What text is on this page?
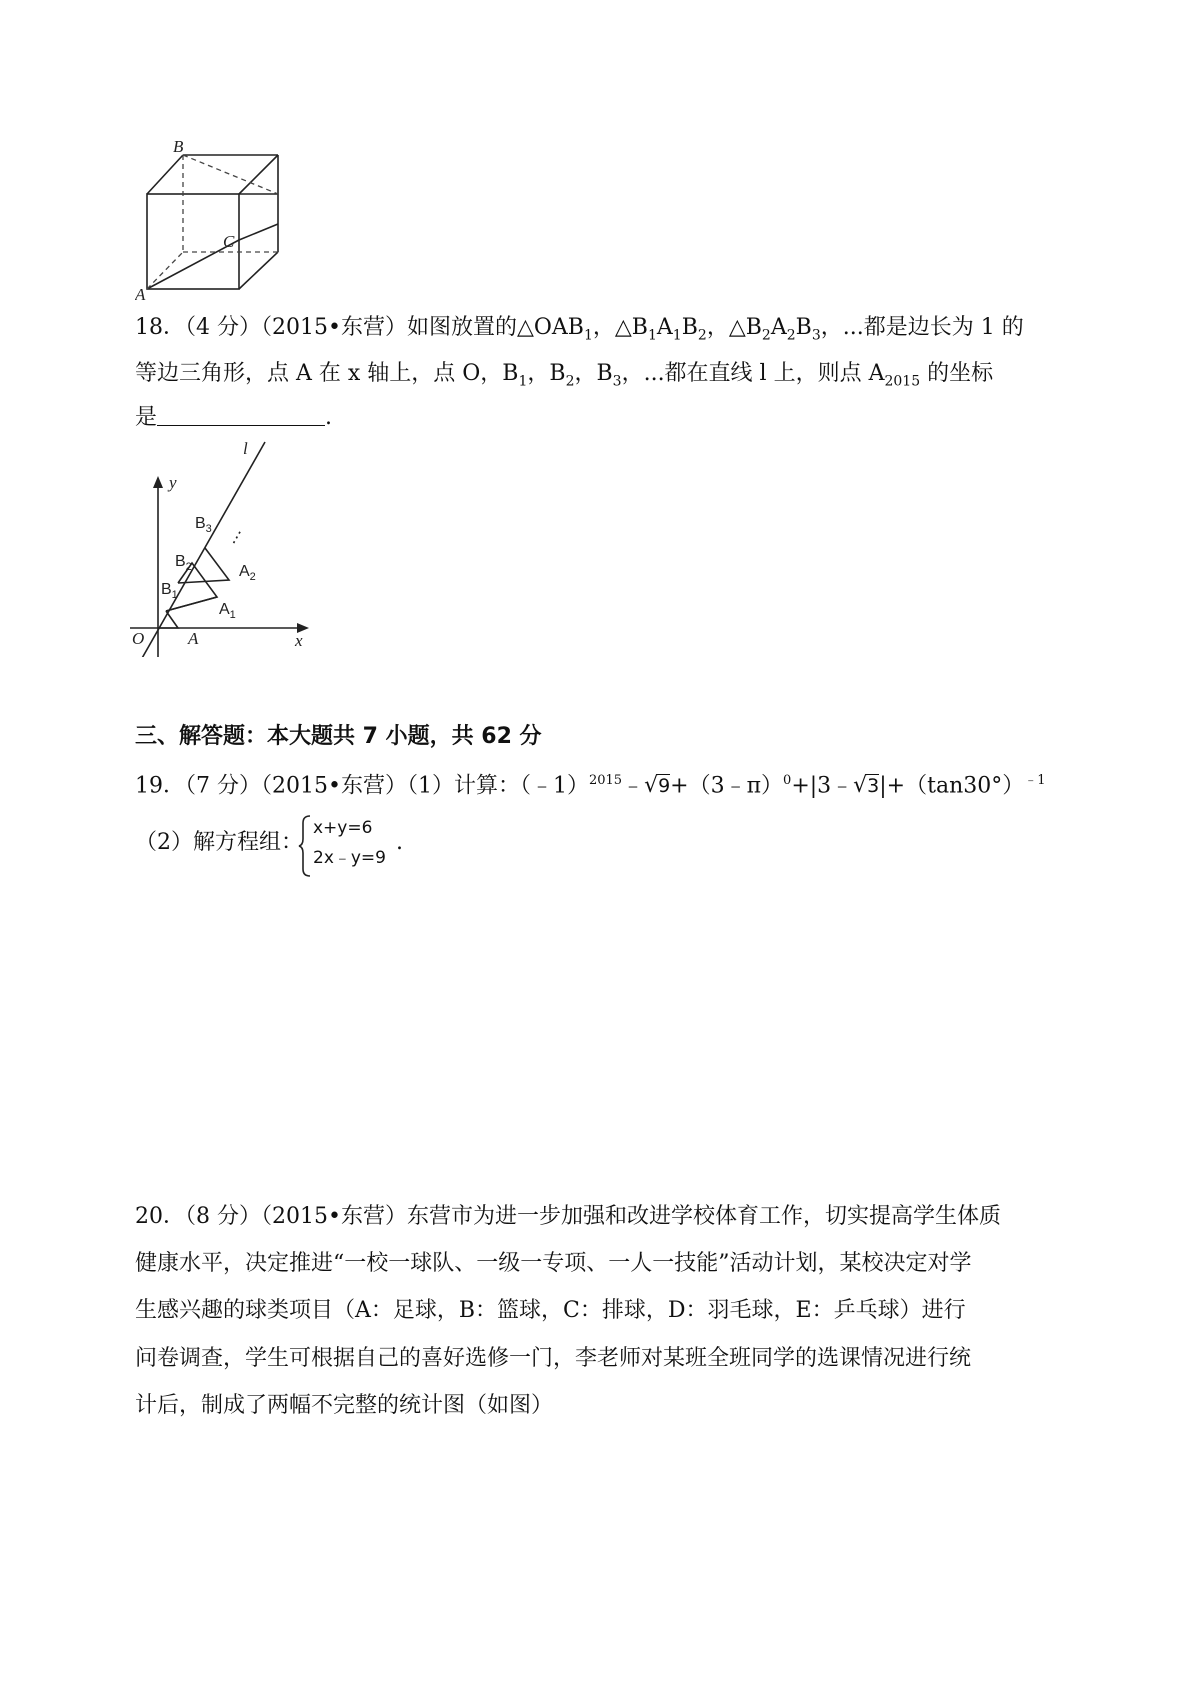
B
C
A
18．（4 分）（2015•东营）如图放置的$\triangle OAB_1$，$\triangle B_1A_1B_2$，$\triangle B_2A_2B_3$，...都是边长为 1 的
等边三角形，点 A 在 x 轴上，点 O，$B_1$，$B_2$，$B_3$，...都在直线 l 上，则点 $A_{2015}$ 的坐标
是	.
l
y
x
O	A
$B_3$
$B_2$
$B_1$
$A_2$
$A_1$
⋮
三、解答题：本大题共 7 小题，共 62 分
19．（7 分）（2015•东营）（1）计算：（﹣1）$^{2015}$﹣ √ 9+（3﹣π）$^0$+|3﹣ √ $3|+(\tan 30^\circ)^{﹣1}$
（2）解方程组：
x+y=6
2x﹣y=9
.
20．（8 分）（2015•东营）东营市为进一步加强和改进学校体育工作，切实提高学生体质
健康水平，决定推进“一校一球队、一级一专项、一人一技能”活动计划，某校决定对学
生感兴趣的球类项目（A：足球，B：篮球，C：排球，D：羽毛球，E：乒乓球）进行
问卷调查，学生可根据自己的喜好选修一门，李老师对某班全班同学的选课情况进行统
计后，制成了两幅不完整的统计图（如图）
